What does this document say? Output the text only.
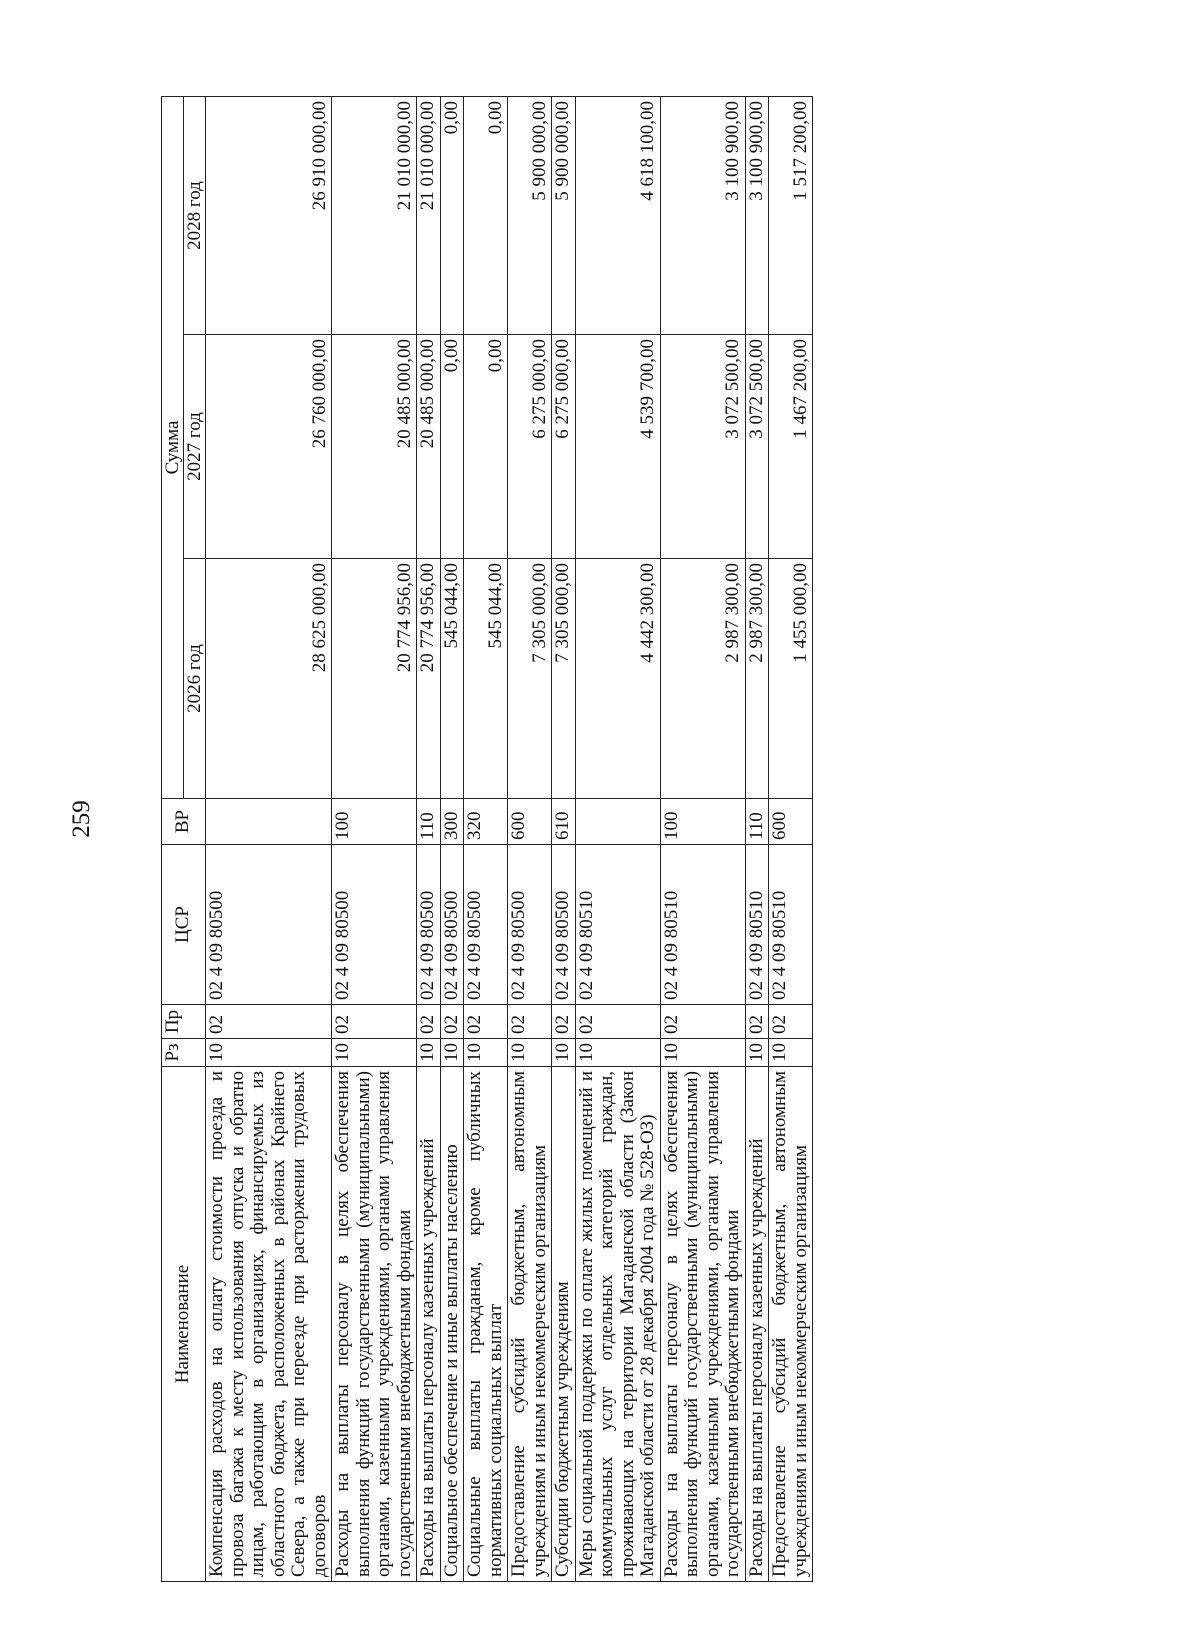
259
Наименование	Рз	Пр	ЦСР	ВР	Сумма		
					2026 год	2027 год	2028 год
Компенсация расходов на оплату стоимости проезда и провоза багажа к месту использования отпуска и обратно лицам, работающим в организациях, финансируемых из областного бюджета, расположенных в районах Крайнего Севера, а также при переезде при расторжении трудовых договоров	10	02	02 4 09 80500		28 625 000,00	26 760 000,00	26 910 000,00
Расходы на выплаты персоналу в целях обеспечения выполнения функций государственными (муниципальными) органами, казенными учреждениями, органами управления государственными внебюджетными фондами	10	02	02 4 09 80500	100	20 774 956,00	20 485 000,00	21 010 000,00
Расходы на выплаты персоналу казенных учреждений	10	02	02 4 09 80500	110	20 774 956,00	20 485 000,00	21 010 000,00
Социальное обеспечение и иные выплаты населению	10	02	02 4 09 80500	300	545 044,00	0,00	0,00
Социальные выплаты гражданам, кроме публичных нормативных социальных выплат	10	02	02 4 09 80500	320	545 044,00	0,00	0,00
Предоставление субсидий бюджетным, автономным учреждениям и иным некоммерческим организациям	10	02	02 4 09 80500	600	7 305 000,00	6 275 000,00	5 900 000,00
Субсидии бюджетным учреждениям	10	02	02 4 09 80500	610	7 305 000,00	6 275 000,00	5 900 000,00
Меры социальной поддержки по оплате жилых помещений и коммунальных услуг отдельных категорий граждан, проживающих на территории Магаданской области (Закон Магаданской области от 28 декабря 2004 года № 528-ОЗ)	10	02	02 4 09 80510		4 442 300,00	4 539 700,00	4 618 100,00
Расходы на выплаты персоналу в целях обеспечения выполнения функций государственными (муниципальными) органами, казенными учреждениями, органами управления государственными внебюджетными фондами	10	02	02 4 09 80510	100	2 987 300,00	3 072 500,00	3 100 900,00
Расходы на выплаты персоналу казенных учреждений	10	02	02 4 09 80510	110	2 987 300,00	3 072 500,00	3 100 900,00
Предоставление субсидий бюджетным, автономным учреждениям и иным некоммерческим организациям	10	02	02 4 09 80510	600	1 455 000,00	1 467 200,00	1 517 200,00
